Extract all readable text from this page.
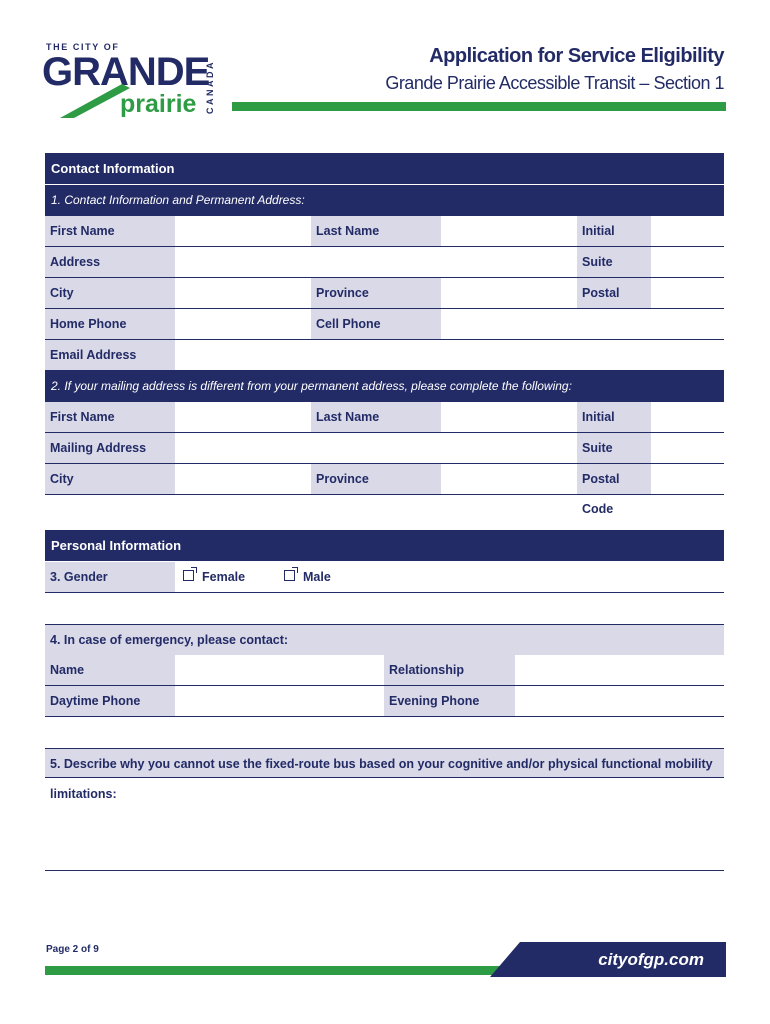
THE CITY OF
GRANDE
prairie CANADA
Application for Service Eligibility
Grande Prairie Accessible Transit – Section 1
Contact Information
1. Contact Information and Permanent Address:
First Name	Last Name	Initial
Address	Suite
City	Province	Postal
Home Phone	Cell Phone
Email Address
2. If your mailing address is different from your permanent address, please complete the following:
First Name	Last Name	Initial
Mailing Address	Suite
City	Province	Postal Code
Personal Information
3. Gender	Female	Male
4. In case of emergency, please contact:
Name	Relationship
Daytime Phone	Evening Phone
5. Describe why you cannot use the fixed-route bus based on your cognitive and/or physical functional mobility limitations:
Page 2 of 9
cityofgp.com
